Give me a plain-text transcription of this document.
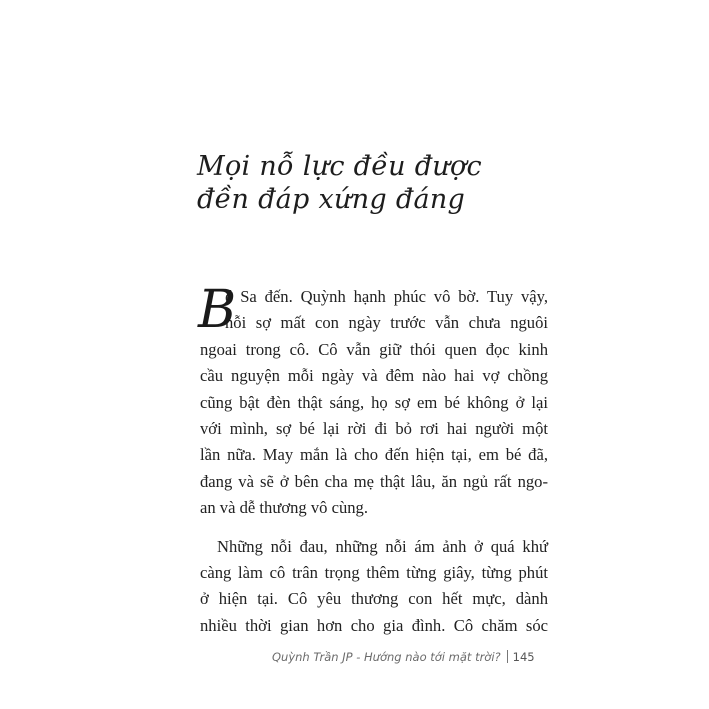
Mọi nỗ lực đều được
đền đáp xứng đáng
B
é Sa đến. Quỳnh hạnh phúc vô bờ. Tuy vậy,
nỗi sợ mất con ngày trước vẫn chưa nguôi
ngoai trong cô. Cô vẫn giữ thói quen đọc kinh
cầu nguyện mỗi ngày và đêm nào hai vợ chồng
cũng bật đèn thật sáng, họ sợ em bé không ở lại
với mình, sợ bé lại rời đi bỏ rơi hai người một
lần nữa. May mắn là cho đến hiện tại, em bé đã,
đang và sẽ ở bên cha mẹ thật lâu, ăn ngủ rất ngo-
an và dễ thương vô cùng.
Những nỗi đau, những nỗi ám ảnh ở quá khứ
càng làm cô trân trọng thêm từng giây, từng phút
ở hiện tại. Cô yêu thương con hết mực, dành
nhiều thời gian hơn cho gia đình. Cô chăm sóc
Quỳnh Trần JP - Hướng nào tới mặt trời? 145
